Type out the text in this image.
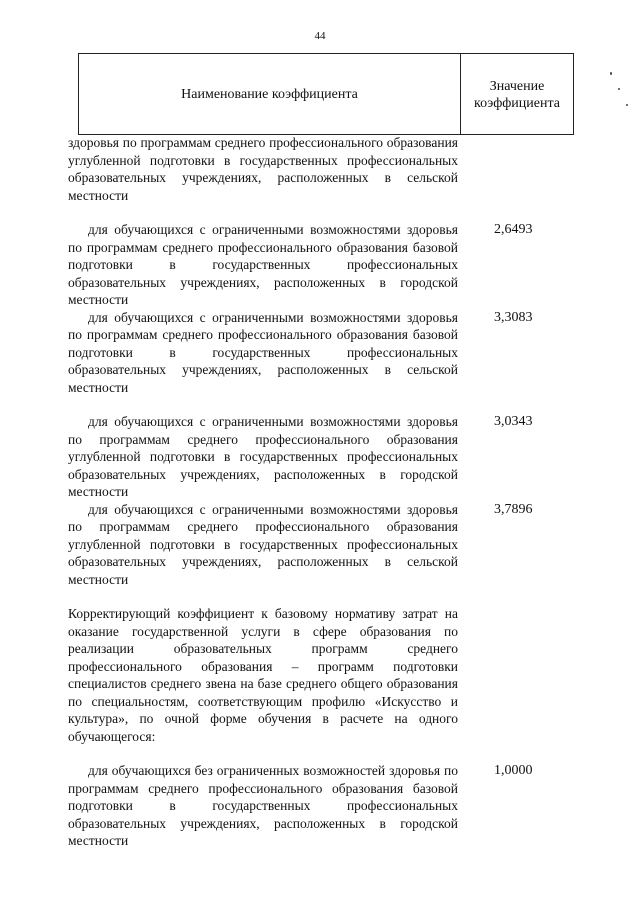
44
Наименование коэффициента
Значение
коэффициента
здоровья по программам среднего профессионального образования углубленной подготовки в государственных профессиональных образовательных учреждениях, расположенных в сельской местности
для обучающихся с ограниченными возможностями здоровья по программам среднего профессионального образования базовой подготовки в государственных профессиональных образовательных учреждениях, расположенных в городской местности
2,6493
для обучающихся с ограниченными возможностями здоровья по программам среднего профессионального образования базовой подготовки в государственных профессиональных образовательных учреждениях, расположенных в сельской местности
3,3083
для обучающихся с ограниченными возможностями здоровья по программам среднего профессионального образования углубленной подготовки в государственных профессиональных образовательных учреждениях, расположенных в городской местности
3,0343
для обучающихся с ограниченными возможностями здоровья по программам среднего профессионального образования углубленной подготовки в государственных профессиональных образовательных учреждениях, расположенных в сельской местности
3,7896
Корректирующий коэффициент к базовому нормативу затрат на оказание государственной услуги в сфере образования по реализации образовательных программ среднего профессионального образования – программ подготовки специалистов среднего звена на базе среднего общего образования по специальностям, соответствующим профилю «Искусство и культура», по очной форме обучения в расчете на одного обучающегося:
для обучающихся без ограниченных возможностей здоровья по программам среднего профессионального образования базовой подготовки в государственных профессиональных образовательных учреждениях, расположенных в городской местности
1,0000
